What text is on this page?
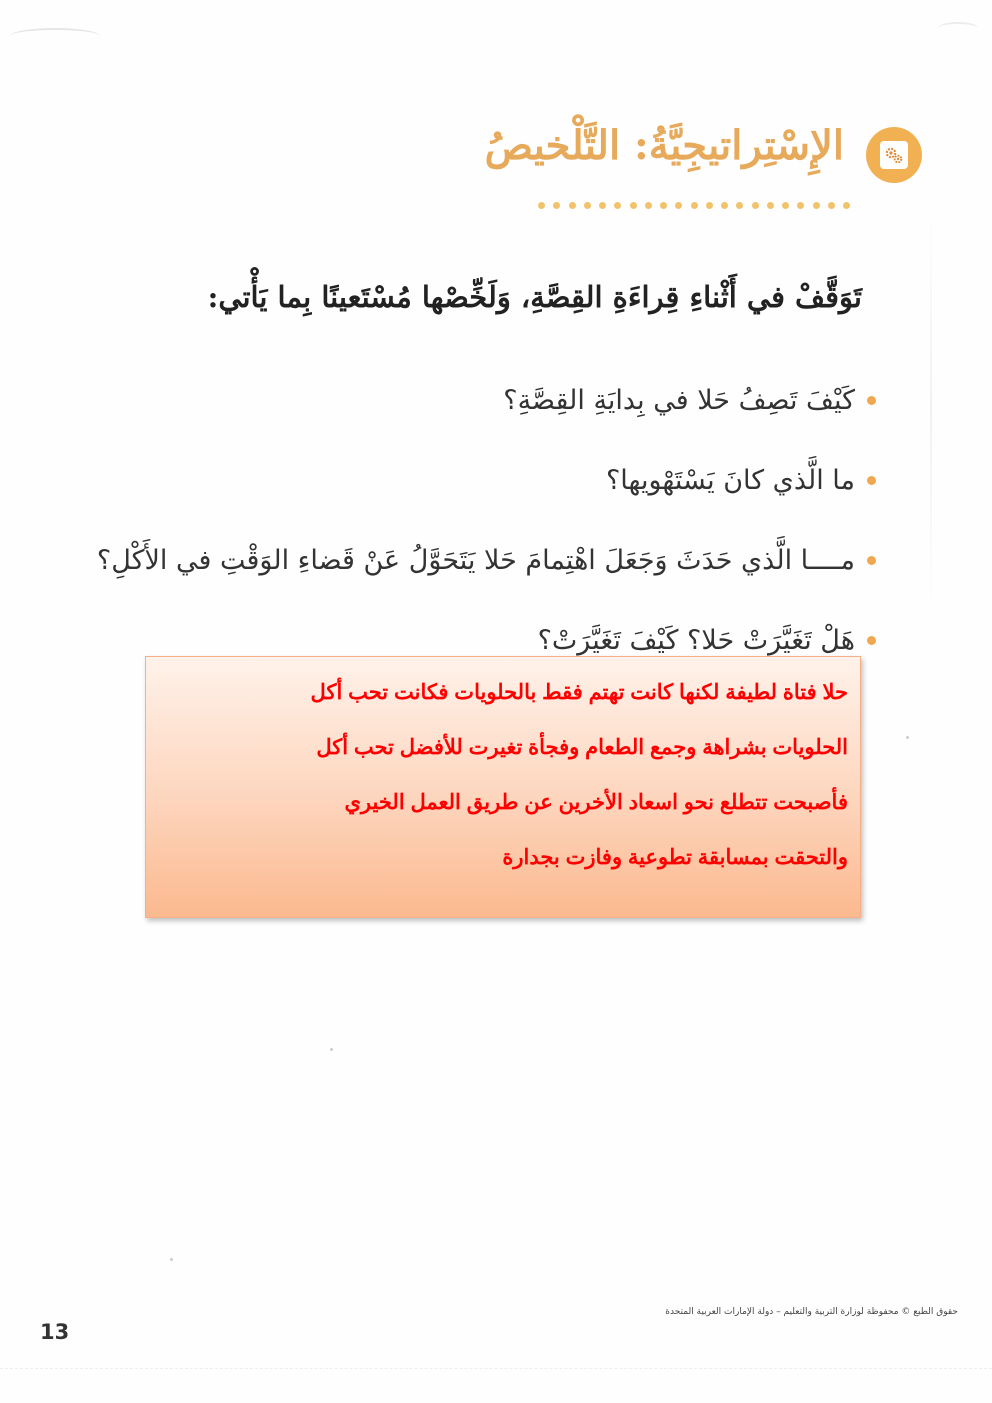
الإِسْتِراتيجِيَّةُ: التَّلْخيصُ
تَوَقَّفْ في أَثْناءِ قِراءَةِ القِصَّةِ، وَلَخِّصْها مُسْتَعينًا بِما يَأْتي:
كَيْفَ تَصِفُ حَلا في بِدايَةِ القِصَّةِ؟
ما الَّذي كانَ يَسْتَهْويها؟
مــــا الَّذي حَدَثَ وَجَعَلَ اهْتِمامَ حَلا يَتَحَوَّلُ عَنْ قَضاءِ الوَقْتِ في الأَكْلِ؟
هَلْ تَغَيَّرَتْ حَلا؟ كَيْفَ تَغَيَّرَتْ؟
حلا فتاة لطيفة لكنها كانت تهتم فقط بالحلويات فكانت تحب أكل
الحلويات بشراهة وجمع الطعام وفجأة تغيرت للأفضل تحب أكل
فأصبحت تتطلع نحو اسعاد الأخرين عن طريق العمل الخيري
والتحقت بمسابقة تطوعية وفازت بجدارة
حقوق الطبع © محفوظة لوزارة التربية والتعليم – دولة الإمارات العربية المتحدة
13
